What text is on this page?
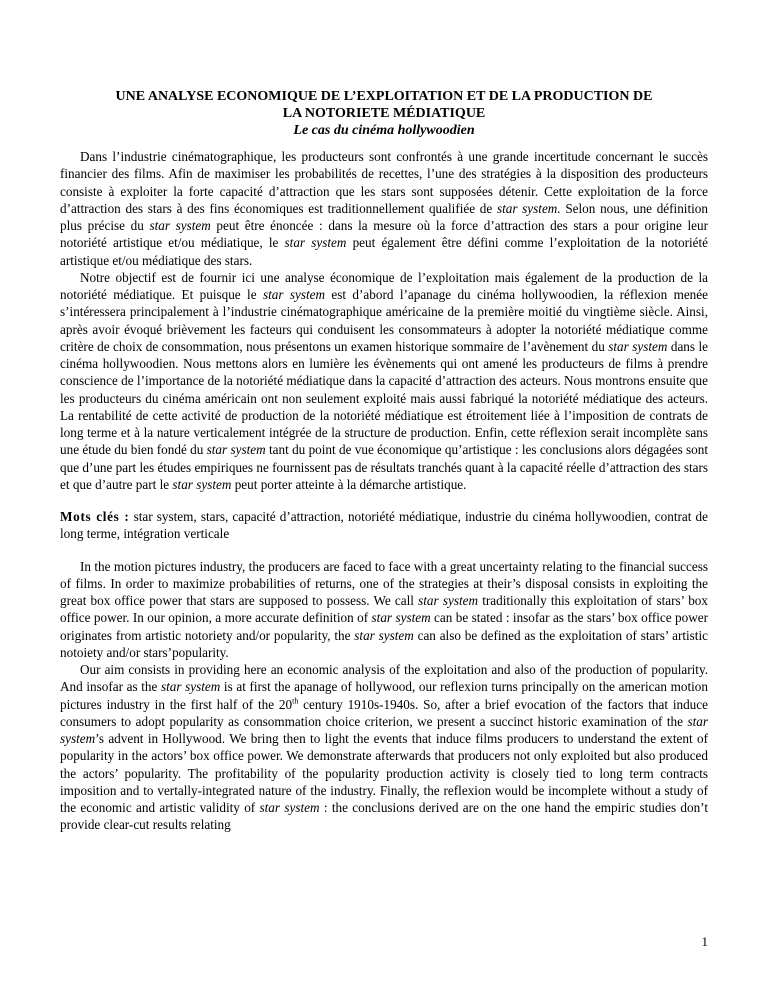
UNE ANALYSE ECONOMIQUE DE L’EXPLOITATION ET DE LA PRODUCTION DE
LA NOTORIETE MÉDIATIQUE

Le cas du cinéma hollywoodien

Dans l’industrie cinématographique, les producteurs sont confrontés à une grande incertitude concernant le succès financier des films. Afin de maximiser les probabilités de recettes, l’une des stratégies à la disposition des producteurs consiste à exploiter la forte capacité d’attraction que les stars sont supposées détenir. Cette exploitation de la force d’attraction des stars à des fins économiques est traditionnellement qualifiée de star system. Selon nous, une définition plus précise du star system peut être énoncée : dans la mesure où la force d’attraction des stars a pour origine leur notoriété artistique et/ou médiatique, le star system peut également être défini comme l’exploitation de la notoriété artistique et/ou médiatique des stars.

Notre objectif est de fournir ici une analyse économique de l’exploitation mais également de la production de la notoriété médiatique. Et puisque le star system est d’abord l’apanage du cinéma hollywoodien, la réflexion menée s’intéressera principalement à l’industrie cinématographique américaine de la première moitié du vingtième siècle. Ainsi, après avoir évoqué brièvement les facteurs qui conduisent les consommateurs à adopter la notoriété médiatique comme critère de choix de consommation, nous présentons un examen historique sommaire de l’avènement du star system dans le cinéma hollywoodien. Nous mettons alors en lumière les évènements qui ont amené les producteurs de films à prendre conscience de l’importance de la notoriété médiatique dans la capacité d’attraction des acteurs. Nous montrons ensuite que les producteurs du cinéma américain ont non seulement exploité mais aussi fabriqué la notoriété médiatique des acteurs. La rentabilité de cette activité de production de la notoriété médiatique est étroitement liée à l’imposition de contrats de long terme et à la nature verticalement intégrée de la structure de production. Enfin, cette réflexion serait incomplète sans une étude du bien fondé du star system tant du point de vue économique qu’artistique : les conclusions alors dégagées sont que d’une part les études empiriques ne fournissent pas de résultats tranchés quant à la capacité réelle d’attraction des stars et que d’autre part le star system peut porter atteinte à la démarche artistique.

Mots clés : star system, stars, capacité d’attraction, notoriété médiatique, industrie du cinéma hollywoodien, contrat de long terme, intégration verticale

In the motion pictures industry, the producers are faced to face with a great uncertainty relating to the financial success of films. In order to maximize probabilities of returns, one of the strategies at their’s disposal consists in exploiting the great box office power that stars are supposed to possess. We call star system traditionally this exploitation of stars’ box office power. In our opinion, a more accurate definition of star system can be stated : insofar as the stars’ box office power originates from artistic notoriety and/or popularity, the star system can also be defined as the exploitation of stars’ artistic notoiety and/or stars’popularity.

Our aim consists in providing here an economic analysis of the exploitation and also of the production of popularity. And insofar as the star system is at first the apanage of hollywood, our reflexion turns principally on the american motion pictures industry in the first half of the 20th century 1910s-1940s. So, after a brief evocation of the factors that induce consumers to adopt popularity as consommation choice criterion, we present a succinct historic examination of the star system’s advent in Hollywood. We bring then to light the events that induce films producers to understand the extent of popularity in the actors’ box office power. We demonstrate afterwards that producers not only exploited but also produced the actors’ popularity. The profitability of the popularity production activity is closely tied to long term contracts imposition and to vertally-integrated nature of the industry. Finally, the reflexion would be incomplete without a study of the economic and artistic validity of star system : the conclusions derived are on the one hand the empiric studies don’t provide clear-cut results relating

1
